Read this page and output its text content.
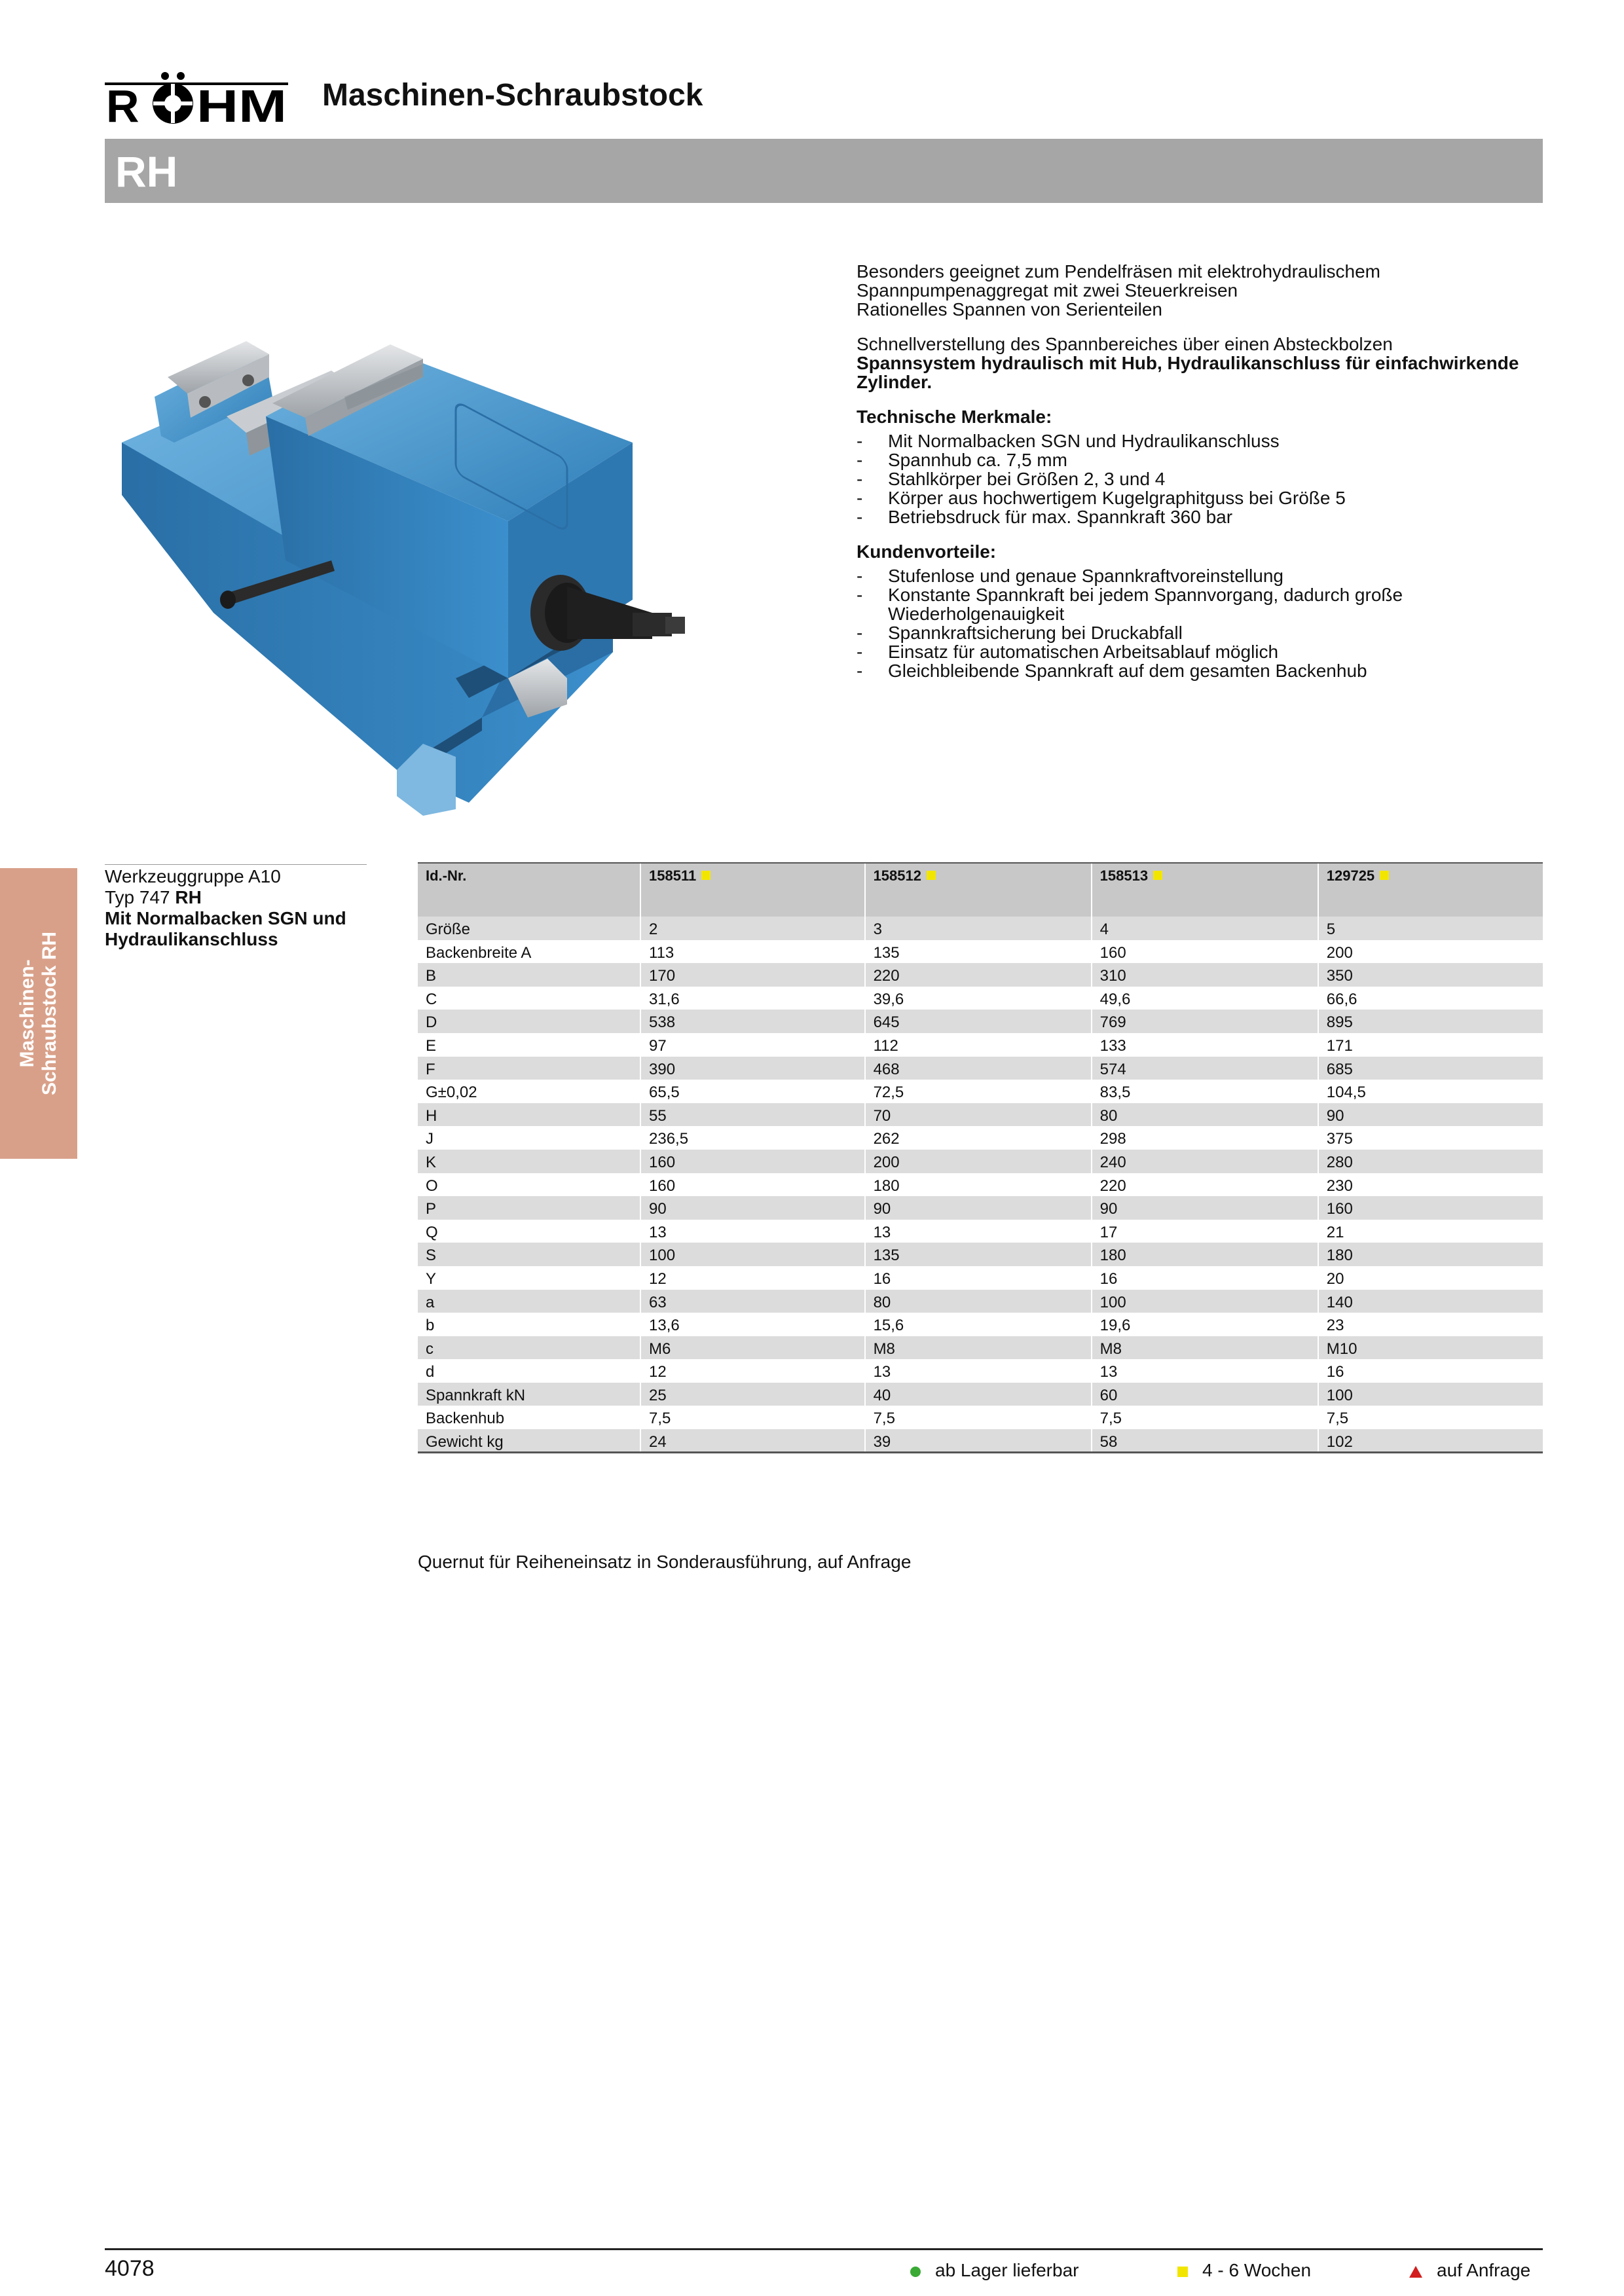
R HM Maschinen-Schraubstock
RH
Maschinen- Schraubstock RH

Besonders geeignet zum Pendelfräsen mit elektrohydraulischem
Spannpumpenaggregat mit zwei Steuerkreisen
Rationelles Spannen von Serienteilen

Schnellverstellung des Spannbereiches über einen Absteckbolzen
Spannsystem hydraulisch mit Hub, Hydraulikanschluss für einfachwirkende Zylinder.

Technische Merkmale:
- Mit Normalbacken SGN und Hydraulikanschluss
- Spannhub ca. 7,5 mm
- Stahlkörper bei Größen 2, 3 und 4
- Körper aus hochwertigem Kugelgraphitguss bei Größe 5
- Betriebsdruck für max. Spannkraft 360 bar
Kundenvorteile:
- Stufenlose und genaue Spannkraftvoreinstellung
- Konstante Spannkraft bei jedem Spannvorgang, dadurch große Wiederholgenauigkeit
- Spannkraftsicherung bei Druckabfall
- Einsatz für automatischen Arbeitsablauf möglich
- Gleichbleibende Spannkraft auf dem gesamten Backenhub
Werkzeuggruppe A10
Typ 747 RH
Mit Normalbacken SGN und
Hydraulikanschluss
Id.-Nr.	158511	158512	158513	129725
Größe	2	3	4	5
Backenbreite A	113	135	160	200
B	170	220	310	350
C	31,6	39,6	49,6	66,6
D	538	645	769	895
E	97	112	133	171
F	390	468	574	685
G±0,02	65,5	72,5	83,5	104,5
H	55	70	80	90
J	236,5	262	298	375
K	160	200	240	280
O	160	180	220	230
P	90	90	90	160
Q	13	13	17	21
S	100	135	180	180
Y	12	16	16	20
a	63	80	100	140
b	13,6	15,6	19,6	23
c	M6	M8	M8	M10
d	12	13	13	16
Spannkraft kN	25	40	60	100
Backenhub	7,5	7,5	7,5	7,5
Gewicht kg	24	39	58	102
Quernut für Reiheneinsatz in Sonderausführung, auf Anfrage
4078	ab Lager lieferbar	4 - 6 Wochen	auf Anfrage
